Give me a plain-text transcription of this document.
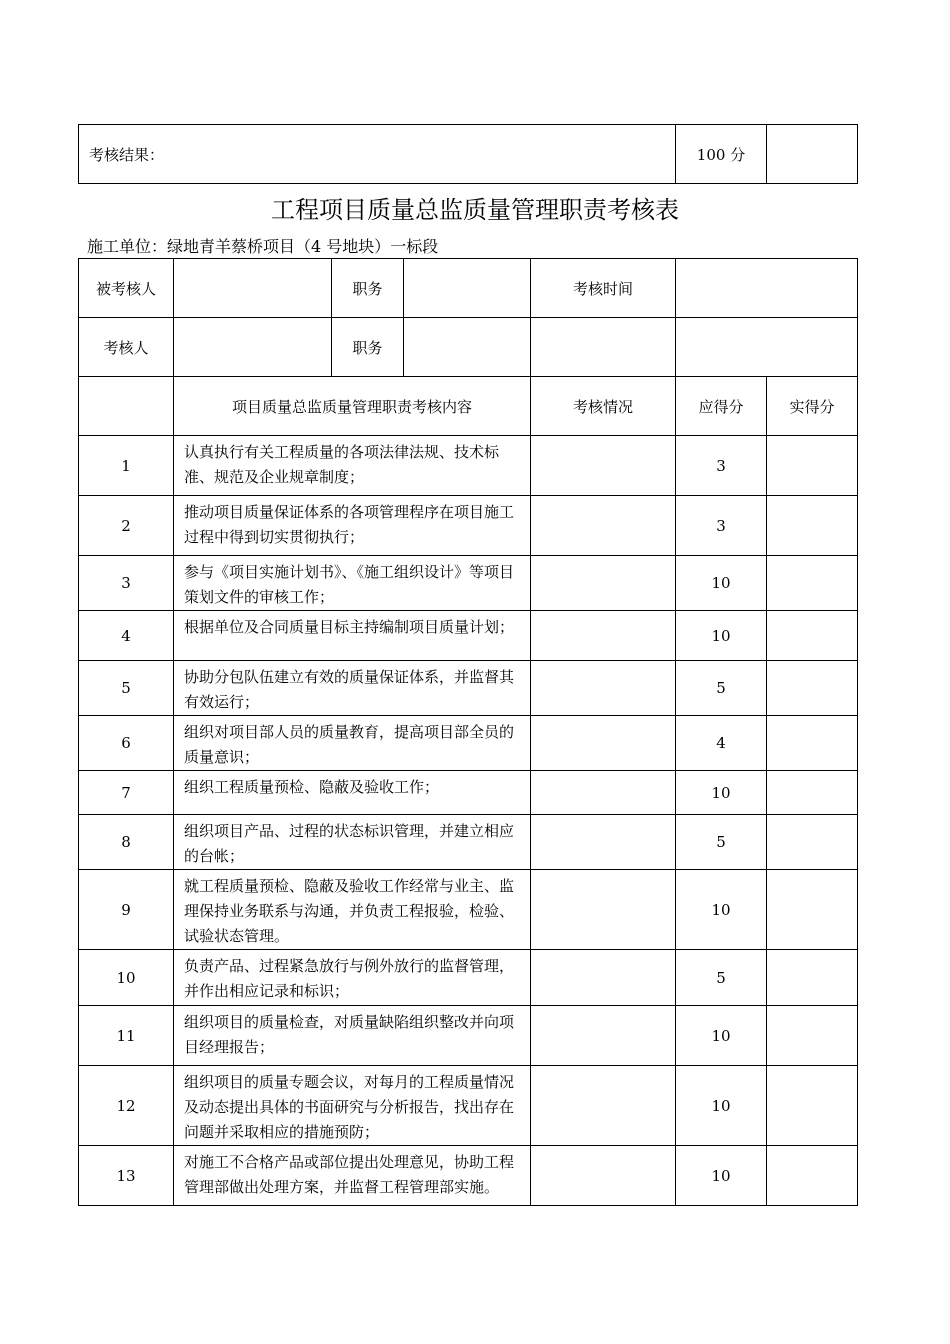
考核结果：	100 分	
工程项目质量总监质量管理职责考核表
施工单位：绿地青羊蔡桥项目（4 号地块）一标段
被考核人		职务		考核时间		
考核人		职务				
	项目质量总监质量管理职责考核内容			考核情况	应得分	实得分
1	认真执行有关工程质量的各项法律法规、技术标准、规范及企业规章制度；				3	
2	推动项目质量保证体系的各项管理程序在项目施工过程中得到切实贯彻执行；				3	
3	参与《项目实施计划书》、《施工组织设计》等项目策划文件的审核工作；				10	
4	根据单位及合同质量目标主持编制项目质量计划；				10	
5	协助分包队伍建立有效的质量保证体系，并监督其有效运行；				5	
6	组织对项目部人员的质量教育，提高项目部全员的质量意识；				4	
7	组织工程质量预检、隐蔽及验收工作；				10	
8	组织项目产品、过程的状态标识管理，并建立相应的台帐；				5	
9	就工程质量预检、隐蔽及验收工作经常与业主、监理保持业务联系与沟通，并负责工程报验，检验、试验状态管理。				10	
10	负责产品、过程紧急放行与例外放行的监督管理，并作出相应记录和标识；				5	
11	组织项目的质量检查，对质量缺陷组织整改并向项目经理报告；				10	
12	组织项目的质量专题会议，对每月的工程质量情况及动态提出具体的书面研究与分析报告，找出存在问题并采取相应的措施预防；				10	
13	对施工不合格产品或部位提出处理意见，协助工程管理部做出处理方案，并监督工程管理部实施。				10	
